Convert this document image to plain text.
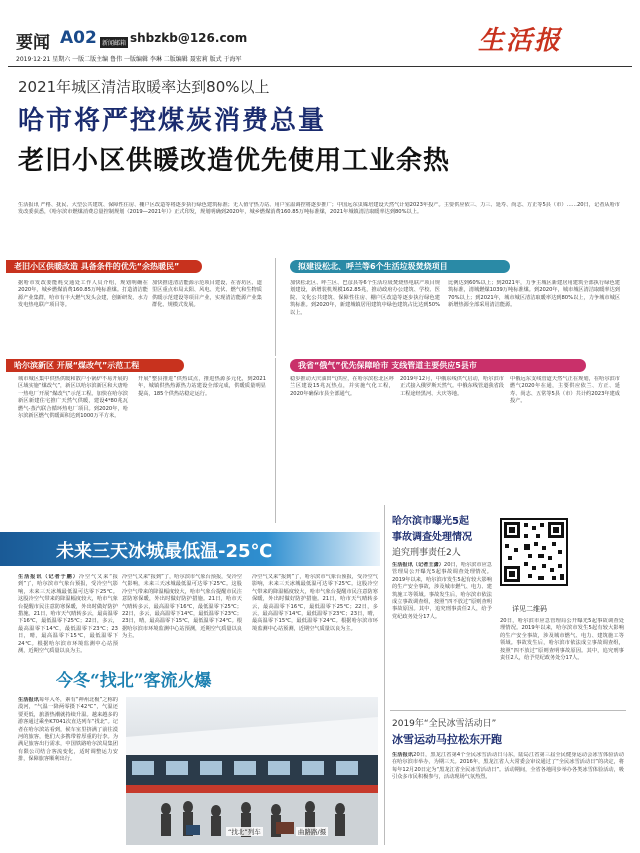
要闻 A02 新闻邮箱 shbzkb@126.com
2019·12·21 星期六 一版二版主编 鲁伟 一版编辑 李琳 二版编辑 聂宏莉 版式 于海军
生活报
2021年城区清洁取暖率达到80%以上
哈市将严控煤炭消费总量
老旧小区供暖改造优先使用工业余热
生活报讯 严格、抚民、大型公共建筑、保障性住房、棚户区改造等将逐步执行绿色建筑标准；无人值守热力站、用户室温调控将逐步推广；中国远东虫媒培建设天然气计划2023年投产。主要供应依三、力三、延寿、尚志、方正等5县（市）……20日，记者从哈市发改委获悉，《哈尔滨市燃煤消费总量控制规划（2019—2021年）》正式印发，规划明确到2020年，城乡燃煤消费160.85万吨标准煤，2021年城镇清洁取暖率达到80%以上。
老旧小区供暖改造 具备条件的优先“余热暖民”	拟建设松北、呼兰等6个生活垃圾焚烧项目
据哈市发改委能耗交通处工作人员介绍，规划明确在2020年，城乡燃煤消费160.85万吨标准煤。打造清洁能源产业集群，哈市有丰大燃气发头会建，创新研发、水力发电热电联产项目等。
加快推进清洁能源示范项目建设，在香坊区、道里区重点布局太阳、风电、光伏、燃气和生物质供暖示范建设等项目产业，实现清洁能源产业集群化、规模式发展。
加快松北区、呼兰区、巴彦县等6个生活垃圾焚烧热电联产项目规划建设，新增装机规模162.85兆，推动政府办公建筑、学校、医院、文化公共建筑、保障性住房、棚户区改造等逐步执行绿色建筑标准。到2020年，新建城镇居用建筑中绿色建筑占比达到50%以上。
比例达到60%以上；到2021年，力争主城区新建居用建筑全部执行绿色建筑标准，清城燃煤1039万吨标准煤。到2020年，城市城区清洁取暖率达到70%以上；到2021年，城市城区清洁取暖率达到80%以上，力争城市城区新增热源全部采用清洁能源。
哈尔滨新区 开展“煤改气”示范工程	我省“俄气”优先保障哈市 支线管道主要供应5县市
城市城区集中供热供暖和散户小锅炉不易开展的区域实施“煤改气”，新区以哈尔滨新区和大唐哈一热电厂开展“煤改气”示范工程。加快在哈尔滨新区新建住宅推广天然气供暖，建设4*80兆瓦燃气-蒸汽联合循环热电厂项目。到2020年，哈尔滨新区燃气供暖面积达到1000万平方米。
开展“整县推进”供热试点，推进热源多元化，到2021年，城镇供热热源热力站建设全部完成，供暖质量明显提高，185个供热站稳定运行。
稳步推动大庆油田气供应，在哈尔滨松北区呼兰区建设15兆瓦热点，并实施气化工程，2020年确保市县全部通气。
2019年12月，中俄东线供气启动，哈尔滨市正式接入俄罗斯天然气。中俄东线管道我省段工程途经黑河、大庆等地。
中俄远东支线管道天然气正在规划，在哈尔滨市燃气2020年在通，主要供应依兰、方正、延寿、尚志、五常等5县（市）共计约2023年建成投产。
未来三天冰城最低温-25℃
生活报讯（记者于鹏）冷空气又来“报到”了，哈尔滨市气象台预报，受冷空气影响，未来三天冰城最低温可达零下25℃。这股冷空气带来的降温幅度较大，哈市气象台提醒市民注意防寒保暖，外出时做好防护措施。21日，哈市天气晴转多云，最高温零下16℃，最低温零下25℃；22日，多云，最高温零下14℃，最低温零下23℃；23日，晴，最高温零下15℃，最低温零下24℃。根据哈尔滨市环境监测中心站预测，近期空气质量以良为主。
冷空气又来“报到”了，哈尔滨市气象台预报，受冷空气影响，未来三天冰城最低温可达零下25℃。这股冷空气带来的降温幅度较大，哈市气象台提醒市民注意防寒保暖，外出时做好防护措施。21日，哈市天气晴转多云，最高温零下16℃，最低温零下25℃；22日，多云，最高温零下14℃，最低温零下23℃；23日，晴，最高温零下15℃，最低温零下24℃。根据哈尔滨市环境监测中心站预测，近期空气质量以良为主。
冷空气又来“报到”了，哈尔滨市气象台预报，受冷空气影响，未来三天冰城最低温可达零下25℃。这股冷空气带来的降温幅度较大，哈市气象台提醒市民注意防寒保暖，外出时做好防护措施。21日，哈市天气晴转多云，最高温零下16℃，最低温零下25℃；22日，多云，最高温零下14℃，最低温零下23℃；23日，晴，最高温零下15℃，最低温零下24℃。根据哈尔滨市环境监测中心站预测，近期空气质量以良为主。
今冬“找北”客流火爆
生活报讯每年入冬，素有“神州北极”之称的漠河，“气温一降两零摄下42℃”，气温还要更低，旅游热潮就持续升温。越来越多的游客通过乘坐K7041次直达列车“找北”。记者在哈尔滨站看到，候车室里挤满了前往漠河的旅客，他们大多携带着厚重的行李。为满足旅客出行需求，中国铁路哈尔滨局集团有限公司结合客流变化，适时调整运力安排，保障旅客顺利出行。
“找北”列车	曲路路/摄
哈尔滨市曝光5起
事故调查处理情况
追究刑事责任2人
生活报讯（记者王潇）20日，哈尔滨市应急管理局公开曝光5起事故调查处理情况。2019年以来，哈尔滨市发生5起有较大影响的生产安全事故，涉及城市燃气、电力、建筑施工等领域。事故发生后，哈尔滨市依法成立事故调查组，按照“四不放过”原则查明事故原因。其中，追究刑事责任2人，给予党纪政务处分17人。
详见二维码
20日，哈尔滨市应急管理局公开曝光5起事故调查处理情况。2019年以来，哈尔滨市发生5起有较大影响的生产安全事故，涉及城市燃气、电力、建筑施工等领域。事故发生后，哈尔滨市依法成立事故调查组，按照“四不放过”原则查明事故原因。其中，追究刑事责任2人，给予党纪政务处分17人。
2019年“全民冰雪活动日”
冰雪运动马拉松东开跑
生活报讯20日，黑龙江省第4个全民冰雪活动日马东，陆岛江省第三届全民健身运动会冰雪体验活动在哈尔滨市举办，为期三天。2016年，黑龙江省人大常委会审议通过了“全民冰雪活动日”的决定，将每年12月20日定为“黑龙江省全民冰雪活动日”。活动期间，全省各地同步举办各类冰雪体验活动，吸引众多市民积极参与，活动现场气氛热烈。
